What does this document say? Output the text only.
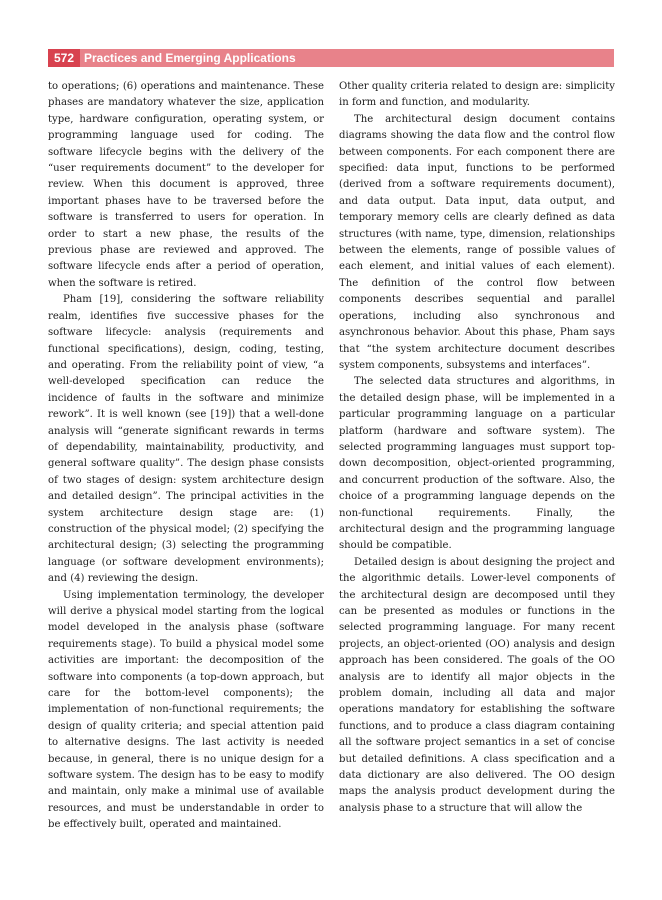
572 Practices and Emerging Applications

to operations; (6) operations and maintenance. These phases are mandatory whatever the size, application type, hardware configuration, operating system, or programming language used for coding. The software lifecycle begins with the delivery of the “user requirements document” to the developer for review. When this document is approved, three important phases have to be traversed before the software is transferred to users for operation. In order to start a new phase, the results of the previous phase are reviewed and approved. The software lifecycle ends after a period of operation, when the software is retired.

Pham [19], considering the software reliability realm, identifies five successive phases for the software lifecycle: analysis (requirements and functional specifications), design, coding, testing, and operating. From the reliability point of view, “a well-developed specification can reduce the incidence of faults in the software and minimize rework”. It is well known (see [19]) that a well-done analysis will “generate significant rewards in terms of dependability, maintainability, productivity, and general software quality”. The design phase consists of two stages of design: system architecture design and detailed design”. The principal activities in the system architecture design stage are: (1) construction of the physical model; (2) specifying the architectural design; (3) selecting the programming language (or software development environments); and (4) reviewing the design.

Using implementation terminology, the developer will derive a physical model starting from the logical model developed in the analysis phase (software requirements stage). To build a physical model some activities are important: the decomposition of the software into components (a top-down approach, but care for the bottom-level components); the implementation of non-functional requirements; the design of quality criteria; and special attention paid to alternative designs. The last activity is needed because, in general, there is no unique design for a software system. The design has to be easy to modify and maintain, only make a minimal use of available resources, and must be understandable in order to be effectively built, operated and maintained.

Other quality criteria related to design are: simplicity in form and function, and modularity.

The architectural design document contains diagrams showing the data flow and the control flow between components. For each component there are specified: data input, functions to be performed (derived from a software requirements document), and data output. Data input, data output, and temporary memory cells are clearly defined as data structures (with name, type, dimension, relationships between the elements, range of possible values of each element, and initial values of each element). The definition of the control flow between components describes sequential and parallel operations, including also synchronous and asynchronous behavior. About this phase, Pham says that “the system architecture document describes system components, subsystems and interfaces”.

The selected data structures and algorithms, in the detailed design phase, will be implemented in a particular programming language on a particular platform (hardware and software system). The selected programming languages must support top-down decomposition, object-oriented programming, and concurrent production of the software. Also, the choice of a programming language depends on the non-functional requirements. Finally, the architectural design and the programming language should be compatible.

Detailed design is about designing the project and the algorithmic details. Lower-level components of the architectural design are decomposed until they can be presented as modules or functions in the selected programming language. For many recent projects, an object-oriented (OO) analysis and design approach has been considered. The goals of the OO analysis are to identify all major objects in the problem domain, including all data and major operations mandatory for establishing the software functions, and to produce a class diagram containing all the software project semantics in a set of concise but detailed definitions. A class specification and a data dictionary are also delivered. The OO design maps the analysis product development during the analysis phase to a structure that will allow the
